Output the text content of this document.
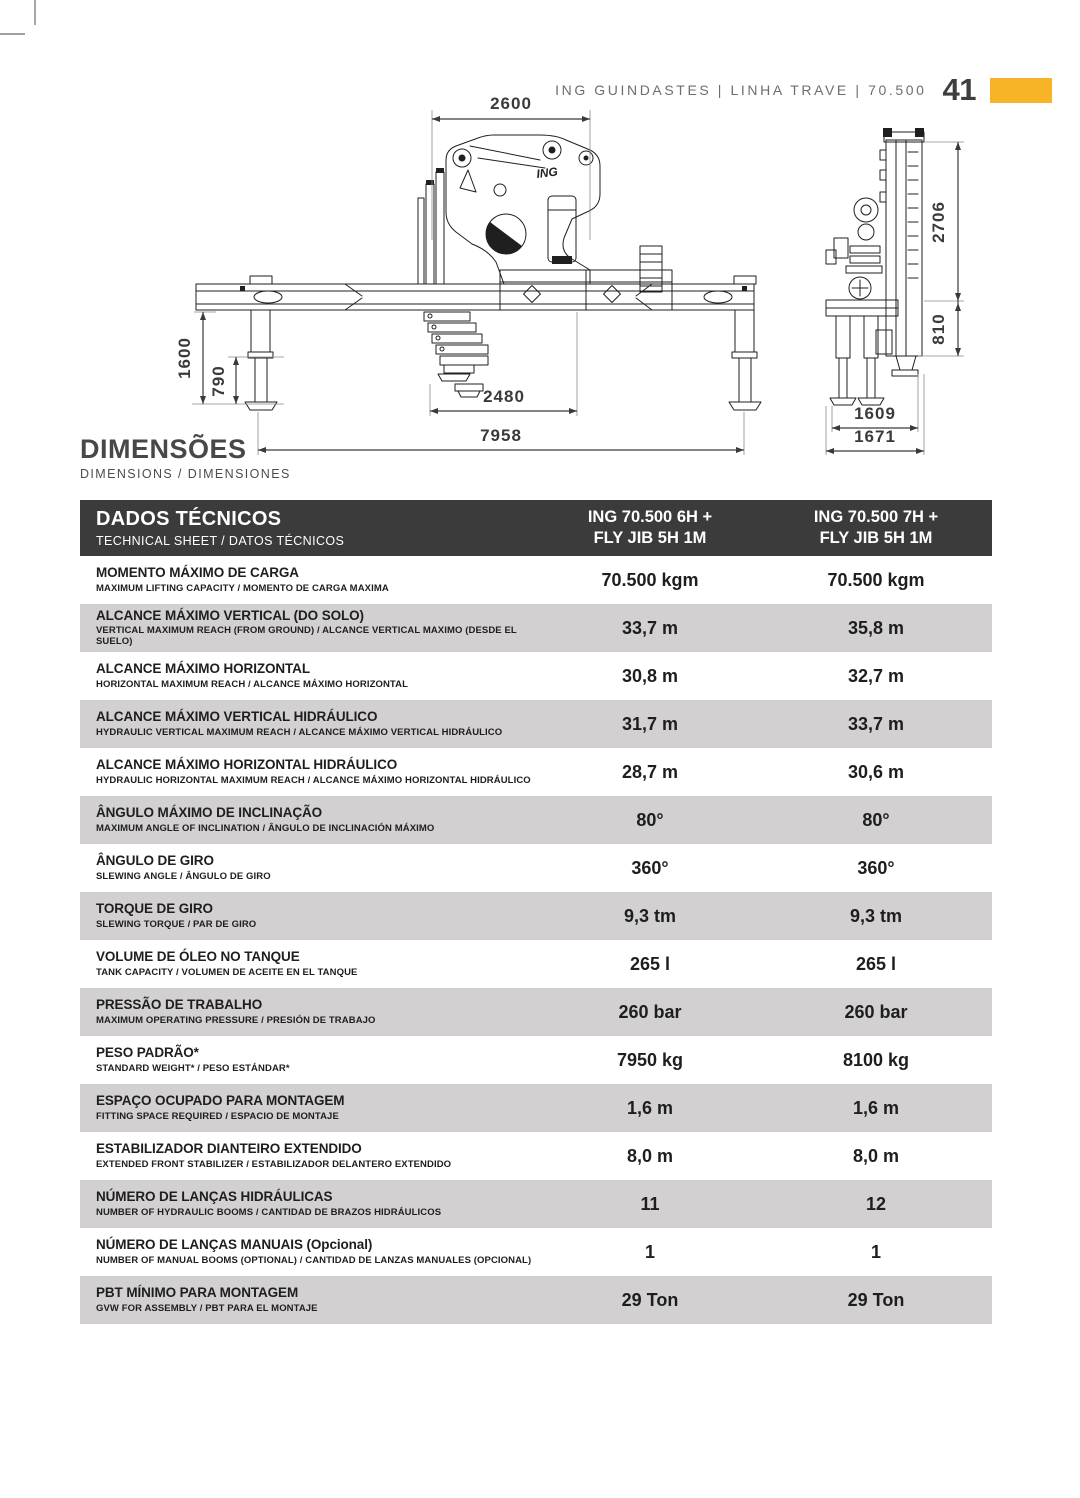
ING
2600
1600
790	2480
7958
2706
810
1609
1671
ING GUINDASTES | LINHA TRAVE | 70.500 41
DIMENSÕES
DIMENSIONS / DIMENSIONES
DADOS TÉCNICOS
TECHNICAL SHEET / DATOS TÉCNICOS
ING 70.500 6H +
FLY JIB 5H 1M
ING 70.500 7H +
FLY JIB 5H 1M
MOMENTO MÁXIMO DE CARGA
MAXIMUM LIFTING CAPACITY / MOMENTO DE CARGA MAXIMA	70.500 kgm	70.500 kgm
ALCANCE MÁXIMO VERTICAL (DO SOLO)
VERTICAL MAXIMUM REACH (FROM GROUND) / ALCANCE VERTICAL MAXIMO (DESDE EL SUELO)
33,7 m	35,8 m
ALCANCE MÁXIMO HORIZONTAL
HORIZONTAL MAXIMUM REACH / ALCANCE MÁXIMO HORIZONTAL	30,8 m	32,7 m
ALCANCE MÁXIMO VERTICAL HIDRÁULICO
HYDRAULIC VERTICAL MAXIMUM REACH / ALCANCE MÁXIMO VERTICAL HIDRÁULICO	31,7 m	33,7 m
ALCANCE MÁXIMO HORIZONTAL HIDRÁULICO
HYDRAULIC HORIZONTAL MAXIMUM REACH / ALCANCE MÁXIMO HORIZONTAL HIDRÁULICO	28,7 m	30,6 m
ÂNGULO MÁXIMO DE INCLINAÇÃO
MAXIMUM ANGLE OF INCLINATION / ÂNGULO DE INCLINACIÓN MÁXIMO	80°	80°
ÂNGULO DE GIRO
SLEWING ANGLE / ÂNGULO DE GIRO	360°	360°
TORQUE DE GIRO
SLEWING TORQUE / PAR DE GIRO	9,3 tm	9,3 tm
VOLUME DE ÓLEO NO TANQUE
TANK CAPACITY / VOLUMEN DE ACEITE EN EL TANQUE	265 l	265 l
PRESSÃO DE TRABALHO
MAXIMUM OPERATING PRESSURE / PRESIÓN DE TRABAJO	260 bar	260 bar
PESO PADRÃO*
STANDARD WEIGHT* / PESO ESTÁNDAR*	7950 kg	8100 kg
ESPAÇO OCUPADO PARA MONTAGEM
FITTING SPACE REQUIRED / ESPACIO DE MONTAJE	1,6 m	1,6 m
ESTABILIZADOR DIANTEIRO EXTENDIDO
EXTENDED FRONT STABILIZER / ESTABILIZADOR DELANTERO EXTENDIDO	8,0 m	8,0 m
NÚMERO DE LANÇAS HIDRÁULICAS
NUMBER OF HYDRAULIC BOOMS / CANTIDAD DE BRAZOS HIDRÁULICOS	11	12
NÚMERO DE LANÇAS MANUAIS (Opcional)
NUMBER OF MANUAL BOOMS (OPTIONAL) / CANTIDAD DE LANZAS MANUALES (OPCIONAL)	1	1
PBT MÍNIMO PARA MONTAGEM
GVW FOR ASSEMBLY / PBT PARA EL MONTAJE	29 Ton	29 Ton
